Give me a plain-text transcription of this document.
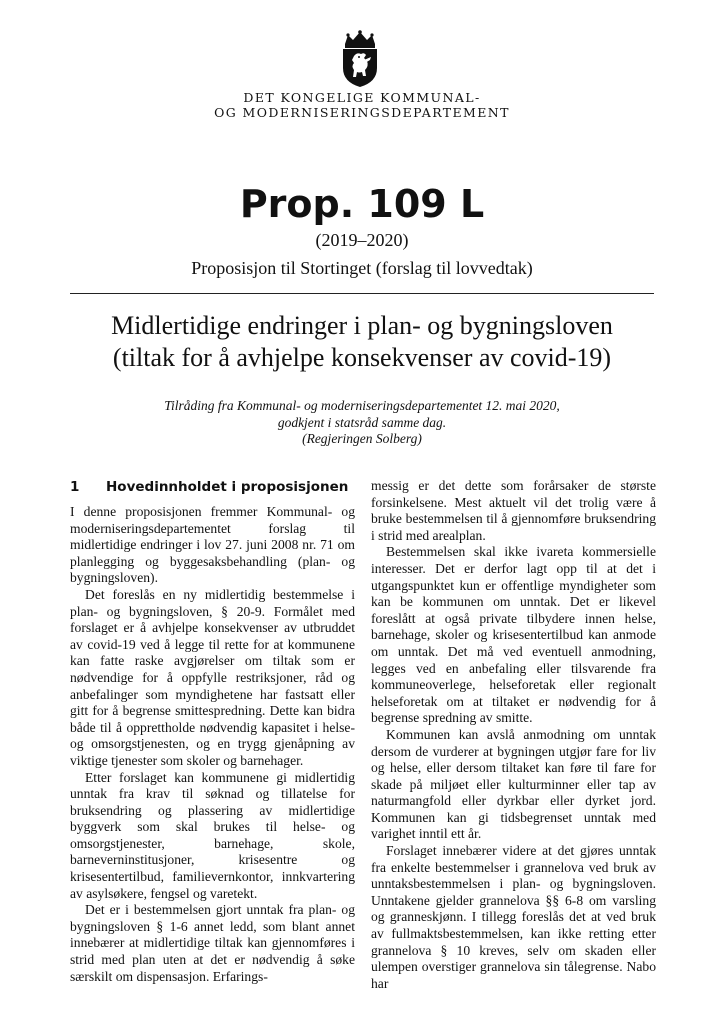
DET KONGELIGE KOMMUNAL-
OG MODERNISERINGSDEPARTEMENT
Prop. 109 L
(2019–2020)
Proposisjon til Stortinget (forslag til lovvedtak)
Midlertidige endringer i plan- og bygningsloven
(tiltak for å avhjelpe konsekvenser av covid-19)
Tilråding fra Kommunal- og moderniseringsdepartementet 12. mai 2020,
godkjent i statsråd samme dag.
(Regjeringen Solberg)
1 Hovedinnholdet i proposisjonen

I denne proposisjonen fremmer Kommunal- og moderniseringsdepartementet forslag til midlertidige endringer i lov 27. juni 2008 nr. 71 om planlegging og byggesaksbehandling (plan- og bygningsloven).

Det foreslås en ny midlertidig bestemmelse i plan- og bygningsloven, § 20-9. Formålet med forslaget er å avhjelpe konsekvenser av utbruddet av covid-19 ved å legge til rette for at kommunene kan fatte raske avgjørelser om tiltak som er nødvendige for å oppfylle restriksjoner, råd og anbefalinger som myndighetene har fastsatt eller gitt for å begrense smittespredning. Dette kan bidra både til å opprettholde nødvendig kapasitet i helse- og omsorgstjenesten, og en trygg gjenåpning av viktige tjenester som skoler og barnehager.

Etter forslaget kan kommunene gi midlertidig unntak fra krav til søknad og tillatelse for bruksendring og plassering av midlertidige byggverk som skal brukes til helse- og omsorgstjenester, barnehage, skole, barneverninstitusjoner, krisesentre og krisesentertilbud, familievernkontor, innkvartering av asylsøkere, fengsel og varetekt.

Det er i bestemmelsen gjort unntak fra plan- og bygningsloven § 1-6 annet ledd, som blant annet innebærer at midlertidige tiltak kan gjennomføres i strid med plan uten at det er nødvendig å søke særskilt om dispensasjon. Erfarings-

messig er det dette som forårsaker de største forsinkelsene. Mest aktuelt vil det trolig være å bruke bestemmelsen til å gjennomføre bruksendring i strid med arealplan.

Bestemmelsen skal ikke ivareta kommersielle interesser. Det er derfor lagt opp til at det i utgangspunktet kun er offentlige myndigheter som kan be kommunen om unntak. Det er likevel foreslått at også private tilbydere innen helse, barnehage, skoler og krisesentertilbud kan anmode om unntak. Det må ved eventuell anmodning, legges ved en anbefaling eller tilsvarende fra kommuneoverlege, helseforetak eller regionalt helseforetak om at tiltaket er nødvendig for å begrense spredning av smitte.

Kommunen kan avslå anmodning om unntak dersom de vurderer at bygningen utgjør fare for liv og helse, eller dersom tiltaket kan føre til fare for skade på miljøet eller kulturminner eller tap av naturmangfold eller dyrkbar eller dyrket jord. Kommunen kan gi tidsbegrenset unntak med varighet inntil ett år.

Forslaget innebærer videre at det gjøres unntak fra enkelte bestemmelser i grannelova ved bruk av unntaksbestemmelsen i plan- og bygningsloven. Unntakene gjelder grannelova §§ 6-8 om varsling og granneskjønn. I tillegg foreslås det at ved bruk av fullmaktsbestemmelsen, kan ikke retting etter grannelova § 10 kreves, selv om skaden eller ulempen overstiger grannelova sin tålegrense. Nabo har
